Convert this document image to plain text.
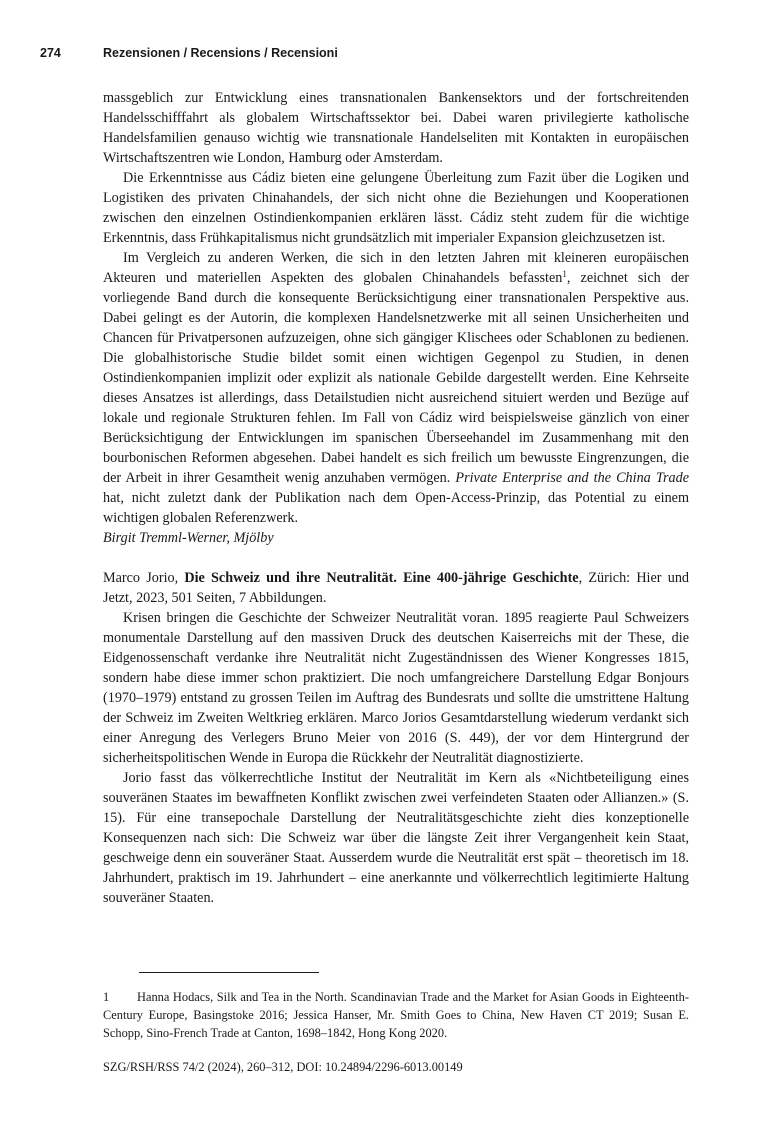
274	Rezensionen / Recensions / Recensioni

massgeblich zur Entwicklung eines transnationalen Bankensektors und der fortschreitenden Handelsschifffahrt als globalem Wirtschaftssektor bei. Dabei waren privilegierte katholische Handelsfamilien genauso wichtig wie transnationale Handelseliten mit Kontakten in europäischen Wirtschaftszentren wie London, Hamburg oder Amsterdam.

Die Erkenntnisse aus Cádiz bieten eine gelungene Überleitung zum Fazit über die Logiken und Logistiken des privaten Chinahandels, der sich nicht ohne die Beziehungen und Kooperationen zwischen den einzelnen Ostindienkompanien erklären lässt. Cádiz steht zudem für die wichtige Erkenntnis, dass Frühkapitalismus nicht grundsätzlich mit imperialer Expansion gleichzusetzen ist.

Im Vergleich zu anderen Werken, die sich in den letzten Jahren mit kleineren europäischen Akteuren und materiellen Aspekten des globalen Chinahandels befassten$^1$, zeichnet sich der vorliegende Band durch die konsequente Berücksichtigung einer transnationalen Perspektive aus. Dabei gelingt es der Autorin, die komplexen Handelsnetzwerke mit all seinen Unsicherheiten und Chancen für Privatpersonen aufzuzeigen, ohne sich gängiger Klischees oder Schablonen zu bedienen. Die globalhistorische Studie bildet somit einen wichtigen Gegenpol zu Studien, in denen Ostindienkompanien implizit oder explizit als nationale Gebilde dargestellt werden. Eine Kehrseite dieses Ansatzes ist allerdings, dass Detailstudien nicht ausreichend situiert werden und Bezüge auf lokale und regionale Strukturen fehlen. Im Fall von Cádiz wird beispielsweise gänzlich von einer Berücksichtigung der Entwicklungen im spanischen Überseehandel im Zusammenhang mit den bourbonischen Reformen abgesehen. Dabei handelt es sich freilich um bewusste Eingrenzungen, die der Arbeit in ihrer Gesamtheit wenig anzuhaben vermögen. Private Enterprise and the China Trade hat, nicht zuletzt dank der Publikation nach dem Open-Access-Prinzip, das Potential zu einem wichtigen globalen Referenzwerk.

Birgit Tremml-Werner, Mjölby

Marco Jorio, Die Schweiz und ihre Neutralität. Eine 400-jährige Geschichte, Zürich: Hier und Jetzt, 2023, 501 Seiten, 7 Abbildungen.

Krisen bringen die Geschichte der Schweizer Neutralität voran. 1895 reagierte Paul Schweizers monumentale Darstellung auf den massiven Druck des deutschen Kaiserreichs mit der These, die Eidgenossenschaft verdanke ihre Neutralität nicht Zugeständnissen des Wiener Kongresses 1815, sondern habe diese immer schon praktiziert. Die noch umfangreichere Darstellung Edgar Bonjours (1970–1979) entstand zu grossen Teilen im Auftrag des Bundesrats und sollte die umstrittene Haltung der Schweiz im Zweiten Weltkrieg erklären. Marco Jorios Gesamtdarstellung wiederum verdankt sich einer Anregung des Verlegers Bruno Meier von 2016 (S. 449), der vor dem Hintergrund der sicherheitspolitischen Wende in Europa die Rückkehr der Neutralität diagnostizierte.

Jorio fasst das völkerrechtliche Institut der Neutralität im Kern als «Nichtbeteiligung eines souveränen Staates im bewaffneten Konflikt zwischen zwei verfeindeten Staaten oder Allianzen.» (S. 15). Für eine transepochale Darstellung der Neutralitätsgeschichte zieht dies konzeptionelle Konsequenzen nach sich: Die Schweiz war über die längste Zeit ihrer Vergangenheit kein Staat, geschweige denn ein souveräner Staat. Ausserdem wurde die Neutralität erst spät – theoretisch im 18. Jahrhundert, praktisch im 19. Jahrhundert – eine anerkannte und völkerrechtlich legitimierte Haltung souveräner Staaten.

1 Hanna Hodacs, Silk and Tea in the North. Scandinavian Trade and the Market for Asian Goods in Eighteenth-Century Europe, Basingstoke 2016; Jessica Hanser, Mr. Smith Goes to China, New Haven CT 2019; Susan E. Schopp, Sino-French Trade at Canton, 1698–1842, Hong Kong 2020.
SZG/RSH/RSS 74/2 (2024), 260–312, DOI: 10.24894/2296-6013.00149
